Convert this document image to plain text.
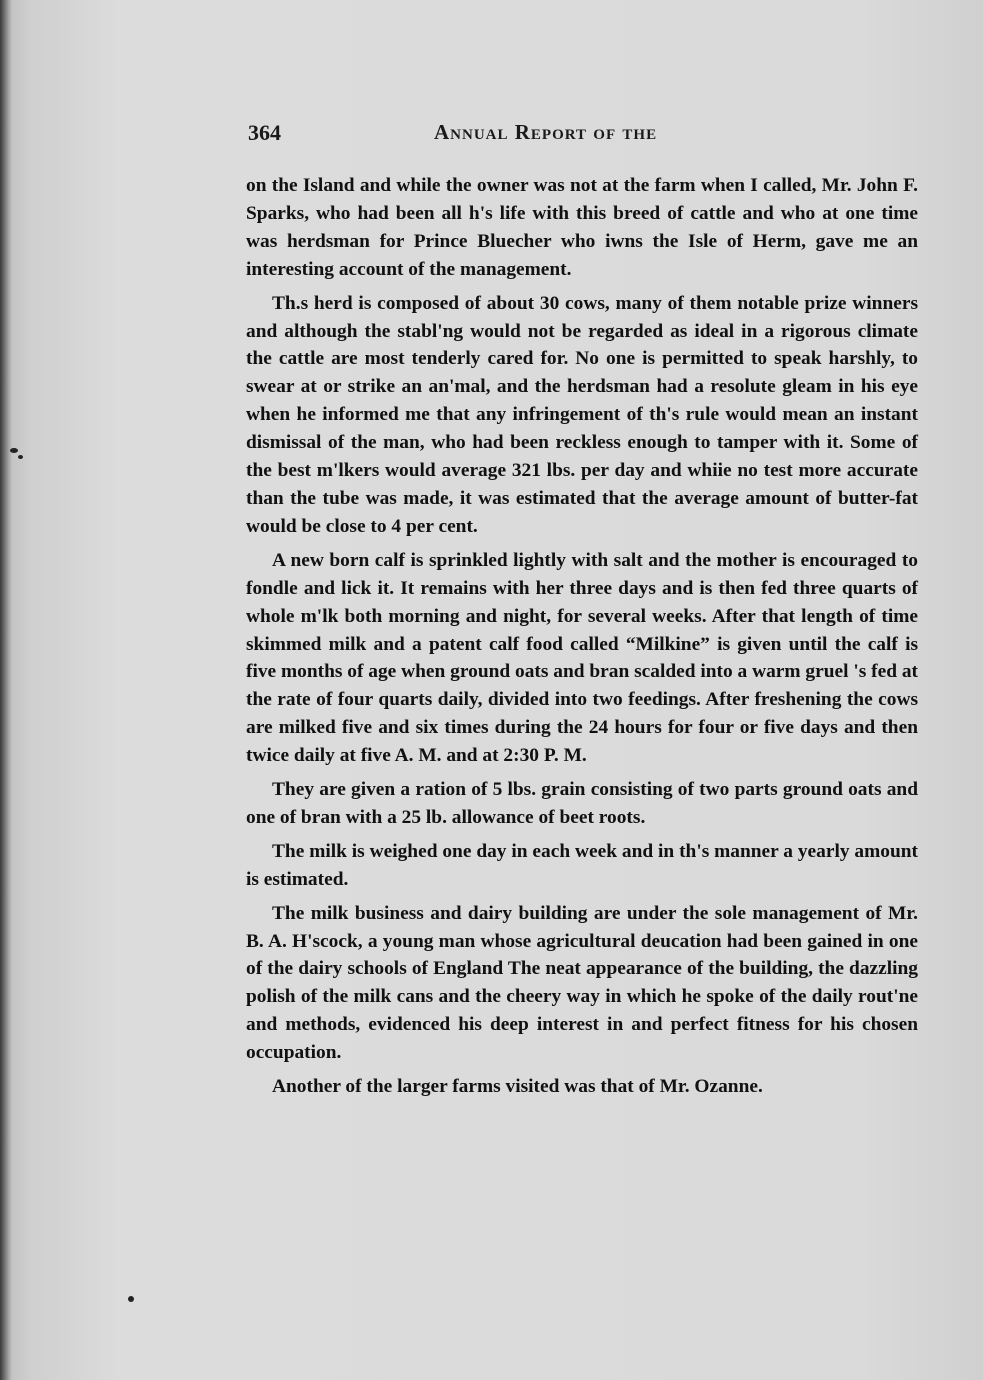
364	Annual Report of the

on the Island and while the owner was not at the farm when I called, Mr. John F. Sparks, who had been all h's life with this breed of cattle and who at one time was herdsman for Prince Bluecher who iwns the Isle of Herm, gave me an interesting account of the management.

Th.s herd is composed of about 30 cows, many of them notable prize winners and although the stabl'ng would not be regarded as ideal in a rigorous climate the cattle are most tenderly cared for. No one is permitted to speak harshly, to swear at or strike an an'mal, and the herdsman had a resolute gleam in his eye when he informed me that any infringement of th's rule would mean an instant dismissal of the man, who had been reckless enough to tamper with it. Some of the best m'lkers would average 321 lbs. per day and whiie no test more accurate than the tube was made, it was estimated that the average amount of butter-fat would be close to 4 per cent.

A new born calf is sprinkled lightly with salt and the mother is encouraged to fondle and lick it. It remains with her three days and is then fed three quarts of whole m'lk both morning and night, for several weeks. After that length of time skimmed milk and a patent calf food called “Milkine” is given until the calf is five months of age when ground oats and bran scalded into a warm gruel 's fed at the rate of four quarts daily, divided into two feedings. After freshening the cows are milked five and six times during the 24 hours for four or five days and then twice daily at five A. M. and at 2:30 P. M.

They are given a ration of 5 lbs. grain consisting of two parts ground oats and one of bran with a 25 lb. allowance of beet roots.

The milk is weighed one day in each week and in th's manner a yearly amount is estimated.

The milk business and dairy building are under the sole management of Mr. B. A. H'scock, a young man whose agricultural deucation had been gained in one of the dairy schools of England The neat appearance of the building, the dazzling polish of the milk cans and the cheery way in which he spoke of the daily rout'ne and methods, evidenced his deep interest in and perfect fitness for his chosen occupation.

Another of the larger farms visited was that of Mr. Ozanne.
